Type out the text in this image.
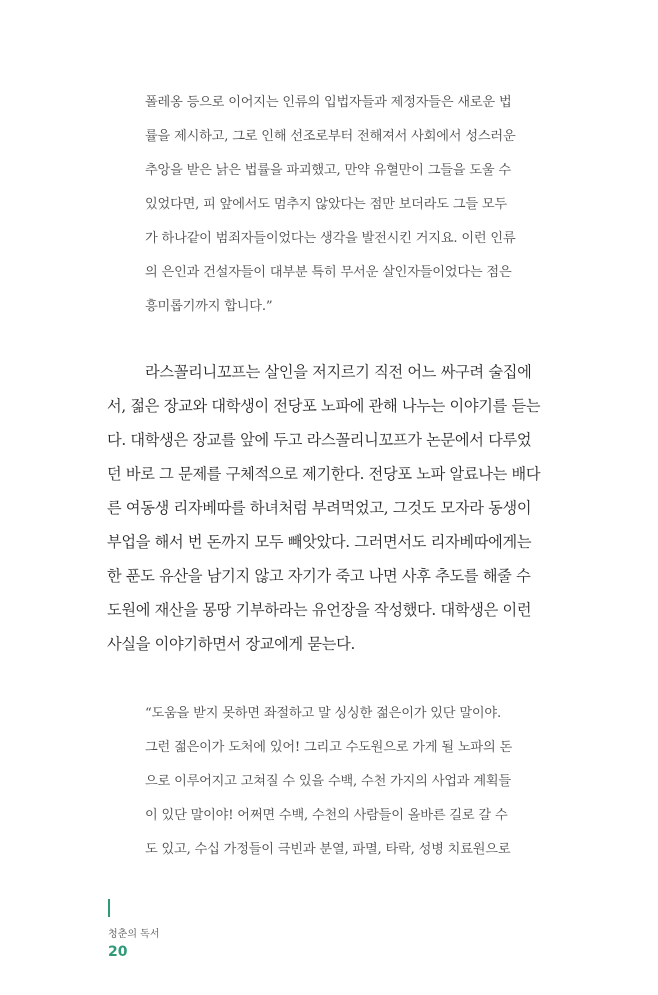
폴레옹 등으로 이어지는 인류의 입법자들과 제정자들은 새로운 법
률을 제시하고, 그로 인해 선조로부터 전해져서 사회에서 성스러운
추앙을 받은 낡은 법률을 파괴했고, 만약 유혈만이 그들을 도울 수
있었다면, 피 앞에서도 멈추지 않았다는 점만 보더라도 그들 모두
가 하나같이 범죄자들이었다는 생각을 발전시킨 거지요. 이런 인류
의 은인과 건설자들이 대부분 특히 무서운 살인자들이었다는 점은
흥미롭기까지 합니다.”
라스꼴리니꼬프는 살인을 저지르기 직전 어느 싸구려 술집에
서, 젊은 장교와 대학생이 전당포 노파에 관해 나누는 이야기를 듣는
다. 대학생은 장교를 앞에 두고 라스꼴리니꼬프가 논문에서 다루었
던 바로 그 문제를 구체적으로 제기한다. 전당포 노파 알료나는 배다
른 여동생 리자베따를 하녀처럼 부려먹었고, 그것도 모자라 동생이
부업을 해서 번 돈까지 모두 빼앗았다. 그러면서도 리자베따에게는
한 푼도 유산을 남기지 않고 자기가 죽고 나면 사후 추도를 해줄 수
도원에 재산을 몽땅 기부하라는 유언장을 작성했다. 대학생은 이런
사실을 이야기하면서 장교에게 묻는다.
“도움을 받지 못하면 좌절하고 말 싱싱한 젊은이가 있단 말이야.
그런 젊은이가 도처에 있어! 그리고 수도원으로 가게 될 노파의 돈
으로 이루어지고 고쳐질 수 있을 수백, 수천 가지의 사업과 계획들
이 있단 말이야! 어쩌면 수백, 수천의 사람들이 올바른 길로 갈 수
도 있고, 수십 가정들이 극빈과 분열, 파멸, 타락, 성병 치료원으로
청춘의 독서
20
